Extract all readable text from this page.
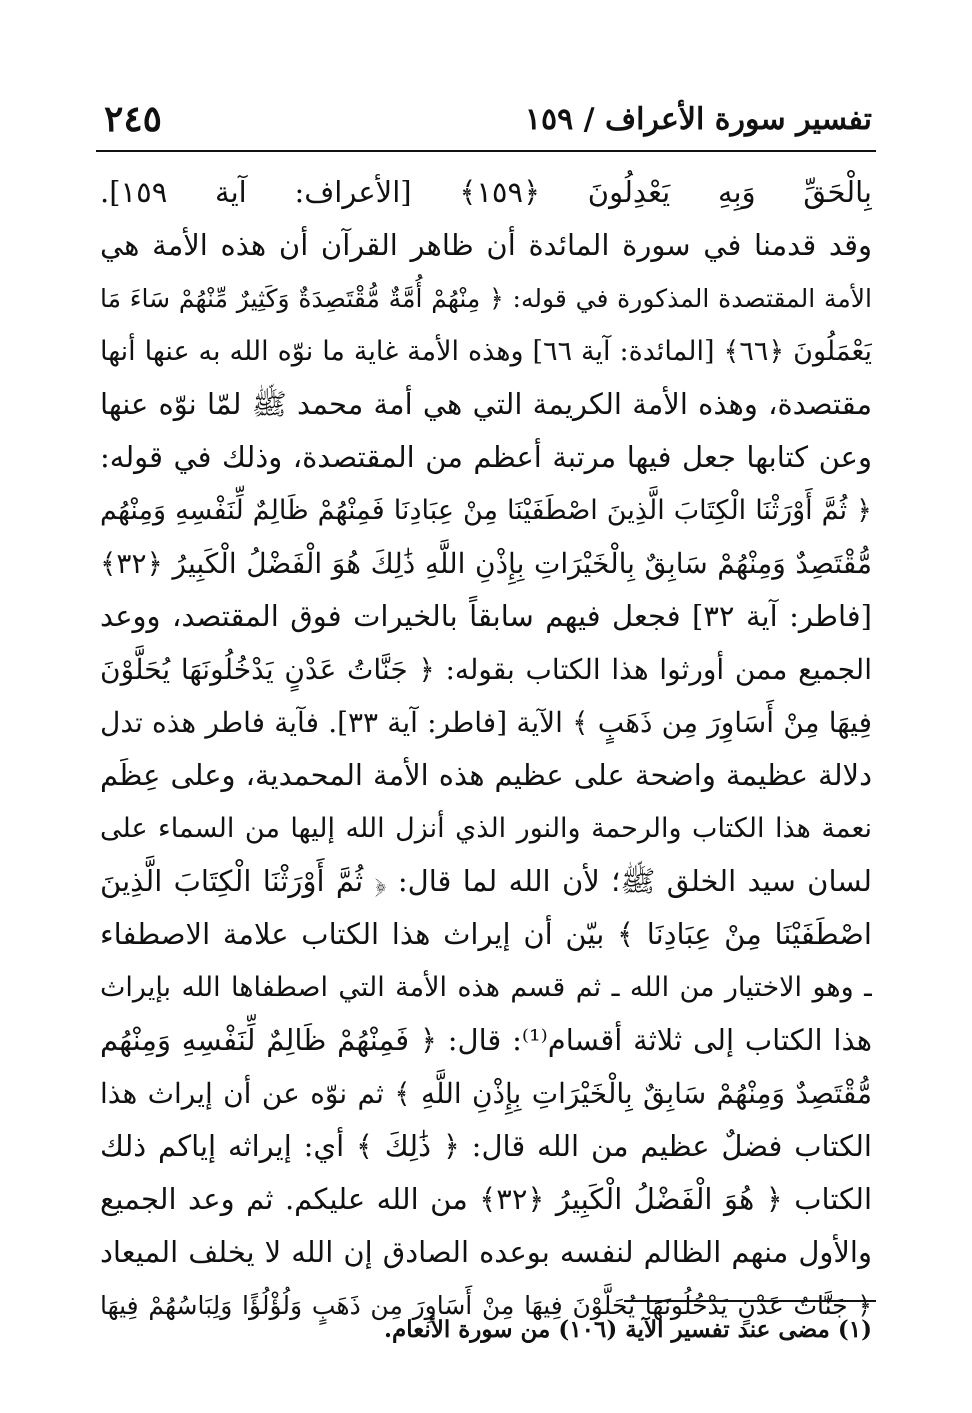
تفسير سورة الأعراف / ١٥٩
٢٤٥
بِالْحَقِّ وَبِهِ يَعْدِلُونَ ﴿١٥٩﴾ [الأعراف: آية ١٥٩].
وقد قدمنا في سورة المائدة أن ظاهر القرآن أن هذه الأمة هي
الأمة المقتصدة المذكورة في قوله: ﴿ مِنْهُمْ أُمَّةٌ مُّقْتَصِدَةٌ وَكَثِيرٌ مِّنْهُمْ سَاءَ مَا
يَعْمَلُونَ ﴿٦٦﴾ [المائدة: آية ٦٦] وهذه الأمة غاية ما نوّه الله به عنها أنها
مقتصدة، وهذه الأمة الكريمة التي هي أمة محمد ﷺ لمّا نوّه عنها
وعن كتابها جعل فيها مرتبة أعظم من المقتصدة، وذلك في قوله:
﴿ ثُمَّ أَوْرَثْنَا الْكِتَابَ الَّذِينَ اصْطَفَيْنَا مِنْ عِبَادِنَا فَمِنْهُمْ ظَالِمٌ لِّنَفْسِهِ وَمِنْهُم
مُّقْتَصِدٌ وَمِنْهُمْ سَابِقٌ بِالْخَيْرَاتِ بِإِذْنِ اللَّهِ ذَٰلِكَ هُوَ الْفَضْلُ الْكَبِيرُ ﴿٣٢﴾
[فاطر: آية ٣٢] فجعل فيهم سابقاً بالخيرات فوق المقتصد، ووعد
الجميع ممن أورثوا هذا الكتاب بقوله: ﴿ جَنَّاتُ عَدْنٍ يَدْخُلُونَهَا يُحَلَّوْنَ
فِيهَا مِنْ أَسَاوِرَ مِن ذَهَبٍ ﴾ الآية [فاطر: آية ٣٣]. فآية فاطر هذه تدل
دلالة عظيمة واضحة على عظيم هذه الأمة المحمدية، وعلى عِظَم
نعمة هذا الكتاب والرحمة والنور الذي أنزل الله إليها من السماء على
لسان سيد الخلق ﷺ؛ لأن الله لما قال: ﴿ ثُمَّ أَوْرَثْنَا الْكِتَابَ الَّذِينَ
اصْطَفَيْنَا مِنْ عِبَادِنَا ﴾ بيّن أن إيراث هذا الكتاب علامة الاصطفاء
ـ وهو الاختيار من الله ـ ثم قسم هذه الأمة التي اصطفاها الله بإيراث
هذا الكتاب إلى ثلاثة أقسام⁽¹⁾: قال: ﴿ فَمِنْهُمْ ظَالِمٌ لِّنَفْسِهِ وَمِنْهُم
مُّقْتَصِدٌ وَمِنْهُمْ سَابِقٌ بِالْخَيْرَاتِ بِإِذْنِ اللَّهِ ﴾ ثم نوّه عن أن إيراث هذا
الكتاب فضلٌ عظيم من الله قال: ﴿ ذَٰلِكَ ﴾ أي: إيراثه إياكم ذلك
الكتاب ﴿ هُوَ الْفَضْلُ الْكَبِيرُ ﴿٣٢﴾ من الله عليكم. ثم وعد الجميع
والأول منهم الظالم لنفسه بوعده الصادق إن الله لا يخلف الميعاد
﴿ جَنَّاتُ عَدْنٍ يَدْخُلُونَهَا يُحَلَّوْنَ فِيهَا مِنْ أَسَاوِرَ مِن ذَهَبٍ وَلُؤْلُؤًا وَلِبَاسُهُمْ فِيهَا
(١) مضى عند تفسير الآية (١٠٦) من سورة الأنعام.
